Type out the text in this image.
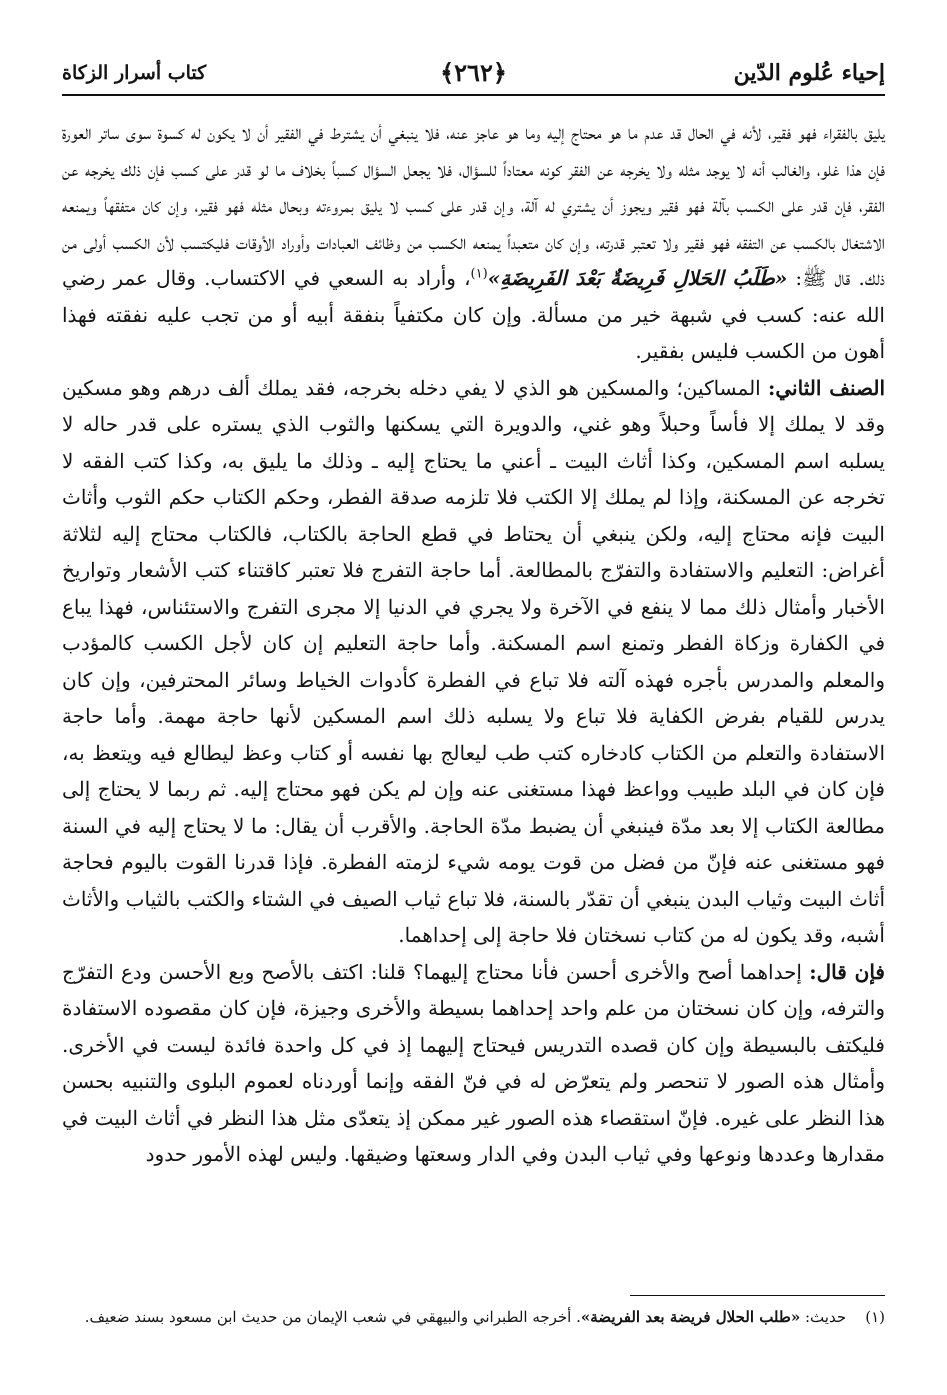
إحياء عُلوم الدّين
﴿٢٦٢﴾
كتاب أسرار الزكاة

يليق بالفقراء فهو فقير، لأنه في الحال قد عدم ما هو محتاج إليه وما هو عاجز عنه، فلا ينبغي أن يشترط في الفقير أن لا يكون له كسوة سوى ساتر العورة فإن هذا غلو، والغالب أنه لا يوجد مثله ولا يخرجه عن الفقر كونه معتاداً للسؤال، فلا يجعل السؤال كسباً بخلاف ما لو قدر على كسب فإن ذلك يخرجه عن الفقر، فإن قدر على الكسب بآلة فهو فقير ويجوز أن يشتري له آلة، وإن قدر على كسب لا يليق بمروءته وبحال مثله فهو فقير، وإن كان متفقهاً ويمنعه الاشتغال بالكسب عن التفقه فهو فقير ولا تعتبر قدرته، وإن كان متعبداً يمنعه الكسب من وظائف العبادات وأوراد الأوقات فليكتسب لأن الكسب أولى من ذلك. قال ﷺ: «طَلَبُ الحَلالِ فَرِيضَةٌ بَعْدَ الفَرِيضَةِ»$^{(١)}$، وأراد به السعي في الاكتساب. وقال عمر رضي الله عنه: كسب في شبهة خير من مسألة. وإن كان مكتفياً بنفقة أبيه أو من تجب عليه نفقته فهذا أهون من الكسب فليس بفقير.

الصنف الثاني: المساكين؛ والمسكين هو الذي لا يفي دخله بخرجه، فقد يملك ألف درهم وهو مسكين وقد لا يملك إلا فأساً وحبلاً وهو غني، والدويرة التي يسكنها والثوب الذي يستره على قدر حاله لا يسلبه اسم المسكين، وكذا أثاث البيت ـ أعني ما يحتاج إليه ـ وذلك ما يليق به، وكذا كتب الفقه لا تخرجه عن المسكنة، وإذا لم يملك إلا الكتب فلا تلزمه صدقة الفطر، وحكم الكتاب حكم الثوب وأثاث البيت فإنه محتاج إليه، ولكن ينبغي أن يحتاط في قطع الحاجة بالكتاب، فالكتاب محتاج إليه لثلاثة أغراض: التعليم والاستفادة والتفرّج بالمطالعة. أما حاجة التفرج فلا تعتبر كاقتناء كتب الأشعار وتواريخ الأخبار وأمثال ذلك مما لا ينفع في الآخرة ولا يجري في الدنيا إلا مجرى التفرج والاستئناس، فهذا يباع في الكفارة وزكاة الفطر وتمنع اسم المسكنة. وأما حاجة التعليم إن كان لأجل الكسب كالمؤدب والمعلم والمدرس بأجره فهذه آلته فلا تباع في الفطرة كأدوات الخياط وسائر المحترفين، وإن كان يدرس للقيام بفرض الكفاية فلا تباع ولا يسلبه ذلك اسم المسكين لأنها حاجة مهمة. وأما حاجة الاستفادة والتعلم من الكتاب كادخاره كتب طب ليعالج بها نفسه أو كتاب وعظ ليطالع فيه ويتعظ به، فإن كان في البلد طبيب وواعظ فهذا مستغنى عنه وإن لم يكن فهو محتاج إليه. ثم ربما لا يحتاج إلى مطالعة الكتاب إلا بعد مدّة فينبغي أن يضبط مدّة الحاجة. والأقرب أن يقال: ما لا يحتاج إليه في السنة فهو مستغنى عنه فإنّ من فضل من قوت يومه شيء لزمته الفطرة. فإذا قدرنا القوت باليوم فحاجة أثاث البيت وثياب البدن ينبغي أن تقدّر بالسنة، فلا تباع ثياب الصيف في الشتاء والكتب بالثياب والأثاث أشبه، وقد يكون له من كتاب نسختان فلا حاجة إلى إحداهما.

فإن قال: إحداهما أصح والأخرى أحسن فأنا محتاج إليهما؟ قلنا: اكتف بالأصح وبع الأحسن ودع التفرّج والترفه، وإن كان نسختان من علم واحد إحداهما بسيطة والأخرى وجيزة، فإن كان مقصوده الاستفادة فليكتف بالبسيطة وإن كان قصده التدريس فيحتاج إليهما إذ في كل واحدة فائدة ليست في الأخرى. وأمثال هذه الصور لا تنحصر ولم يتعرّض له في فنّ الفقه وإنما أوردناه لعموم البلوى والتنبيه بحسن هذا النظر على غيره. فإنّ استقصاء هذه الصور غير ممكن إذ يتعدّى مثل هذا النظر في أثاث البيت في مقدارها وعددها ونوعها وفي ثياب البدن وفي الدار وسعتها وضيقها. وليس لهذه الأمور حدود

(١)    حديث: «طلب الحلال فريضة بعد الفريضة». أخرجه الطبراني والبيهقي في شعب الإيمان من حديث ابن مسعود بسند ضعيف.
